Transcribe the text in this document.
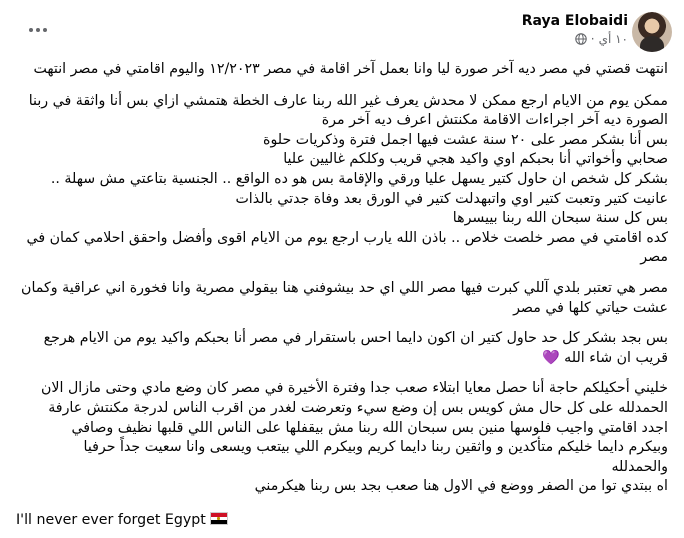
Raya Elobaidi
١٠ أي
·

انتهت قصتي في مصر ديه آخر صورة ليا وانا بعمل آخر اقامة في مصر ١٢/٢٠٢٣ واليوم اقامتي في مصر انتهت

ممكن يوم من الايام ارجع ممكن لا محدش يعرف غير الله ربنا عارف الخطة هتمشي ازاي بس أنا واثقة في ربنا
الصورة ديه آخر اجراءات الاقامة مكنتش اعرف ديه آخر مرة
بس أنا بشكر مصر على ٢٠ سنة عشت فيها اجمل فترة وذكريات حلوة
صحابي وأخواتي أنا بحبكم اوي واكيد هجي قريب وكلكم غاليين عليا
بشكر كل شخص ان حاول كتير يسهل عليا ورقي والإقامة بس هو ده الواقع .. الجنسية بتاعتي مش سهلة ..
عانيت كتير وتعبت كتير اوي واتبهدلت كتير في الورق بعد وفاة جدتي بالذات
بس كل سنة سبحان الله ربنا بييسرها
كده اقامتي في مصر خلصت خلاص .. باذن الله يارب ارجع يوم من الايام اقوى وأفضل واحقق احلامي كمان في مصر

مصر هي تعتبر بلدي آللي كبرت فيها مصر اللي اي حد بيشوفني هنا بيقولي مصرية وانا فخورة اني عراقية وكمان عشت حياتي كلها في مصر

بس بجد بشكر كل حد حاول كتير ان اكون دايما احس باستقرار في مصر أنا بحبكم واكيد يوم من الايام هرجع قريب ان شاء الله 💜

خليني أحكيلكم حاجة أنا حصل معايا ابتلاء صعب جدا وفترة الأخيرة في مصر كان وضع مادي وحتى مازال الان
الحمدلله على كل حال مش كويس بس إن وضع سيء وتعرضت لغدر من اقرب الناس لدرجة مكنتش عارفة
اجدد اقامتي واجيب فلوسها منين بس سبحان الله ربنا مش بيقفلها على الناس اللي قلبها نظيف وصافي
وبيكرم دايما خليكم متأكدين و واثقين ربنا دايما كريم وبيكرم اللي بيتعب ويسعى وانا سعيت جداً حرفيا
والحمدلله
اه ببتدي توا من الصفر ووضع في الاول هنا صعب بجد بس ربنا هيكرمني

I'll never ever forget Egypt
